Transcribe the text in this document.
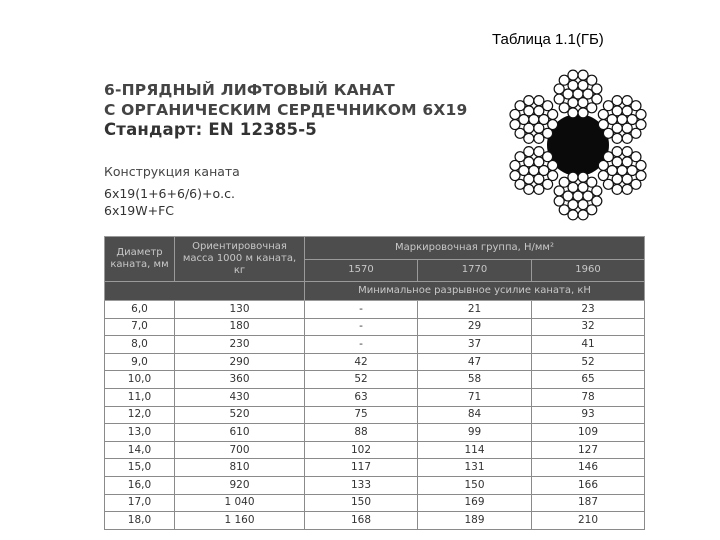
Таблица 1.1(ГБ)
6-ПРЯДНЫЙ ЛИФТОВЫЙ КАНАТ
С ОРГАНИЧЕСКИМ СЕРДЕЧНИКОМ 6Х19
Стандарт: EN 12385-5
Конструкция каната
6x19(1+6+6/6)+о.с.
6x19W+FC
Диаметр каната, мм	Ориентировочная масса 1000 м каната, кг	Маркировочная группа, Н/мм²		
		1570	1770	1960
		Минимальное разрывное усилие каната, кН		
6,0	130	-	21	23
7,0	180	-	29	32
8,0	230	-	37	41
9,0	290	42	47	52
10,0	360	52	58	65
11,0	430	63	71	78
12,0	520	75	84	93
13,0	610	88	99	109
14,0	700	102	114	127
15,0	810	117	131	146
16,0	920	133	150	166
17,0	1 040	150	169	187
18,0	1 160	168	189	210
